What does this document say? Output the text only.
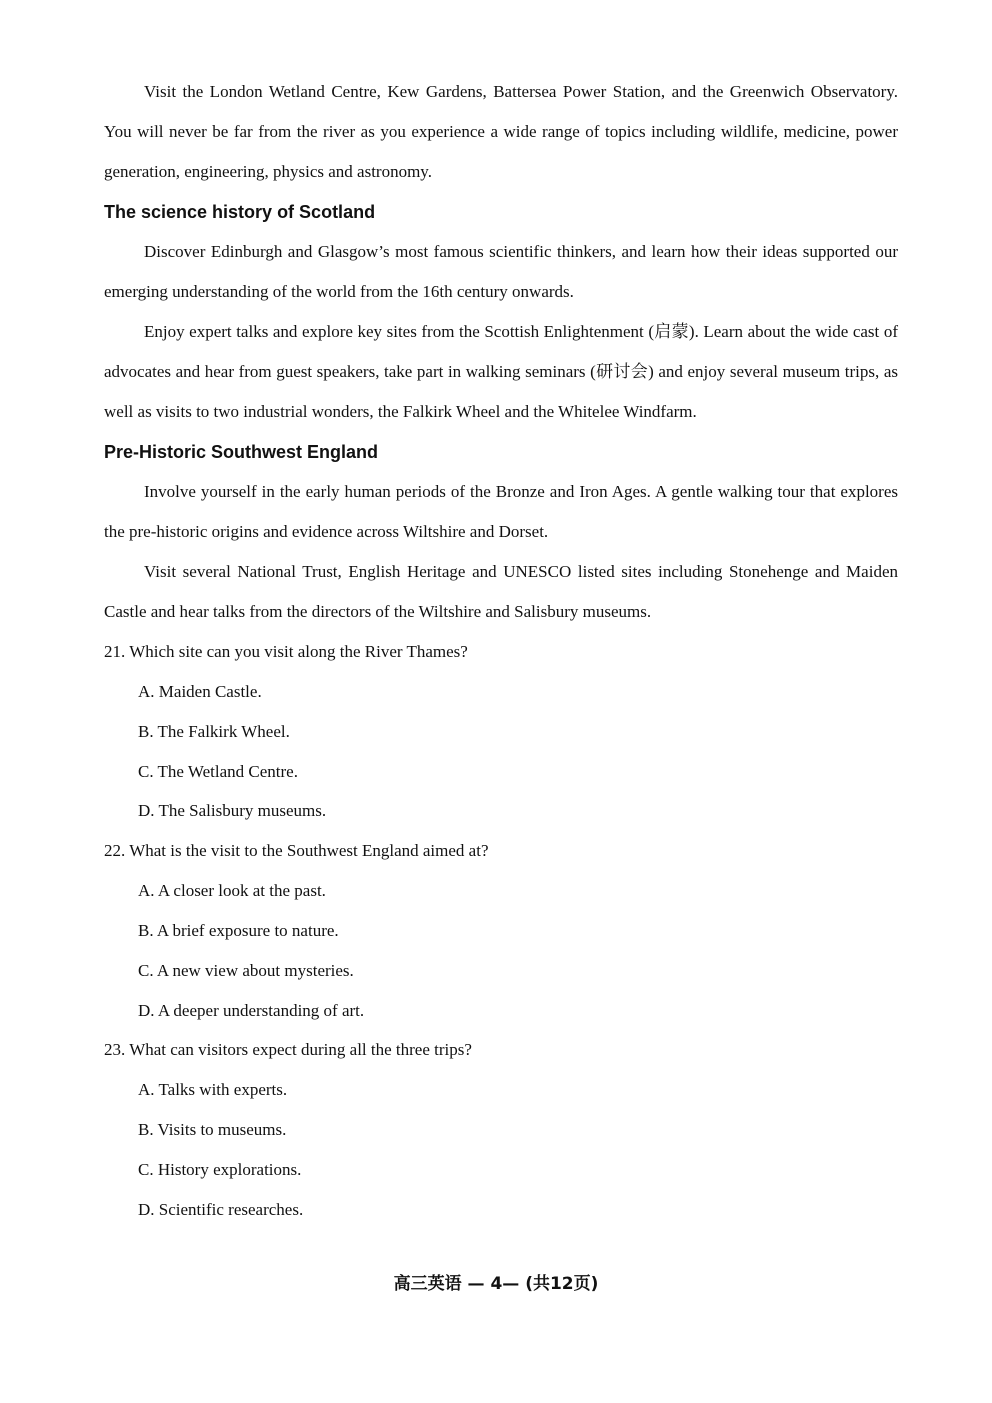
Visit the London Wetland Centre, Kew Gardens, Battersea Power Station, and the Greenwich Observatory. You will never be far from the river as you experience a wide range of topics including wildlife, medicine, power generation, engineering, physics and astronomy.

The science history of Scotland

Discover Edinburgh and Glasgow’s most famous scientific thinkers, and learn how their ideas supported our emerging understanding of the world from the 16th century onwards.

Enjoy expert talks and explore key sites from the Scottish Enlightenment (启蒙). Learn about the wide cast of advocates and hear from guest speakers, take part in walking seminars (研讨会) and enjoy several museum trips, as well as visits to two industrial wonders, the Falkirk Wheel and the Whitelee Windfarm.

Pre-Historic Southwest England

Involve yourself in the early human periods of the Bronze and Iron Ages. A gentle walking tour that explores the pre-historic origins and evidence across Wiltshire and Dorset.

Visit several National Trust, English Heritage and UNESCO listed sites including Stonehenge and Maiden Castle and hear talks from the directors of the Wiltshire and Salisbury museums.

21. Which site can you visit along the River Thames?

A. Maiden Castle.

B. The Falkirk Wheel.

C. The Wetland Centre.

D. The Salisbury museums.

22. What is the visit to the Southwest England aimed at?

A. A closer look at the past.

B. A brief exposure to nature.

C. A new view about mysteries.

D. A deeper understanding of art.

23. What can visitors expect during all the three trips?

A. Talks with experts.

B. Visits to museums.

C. History explorations.

D. Scientific researches.

高三英语 — 4— (共12页)
